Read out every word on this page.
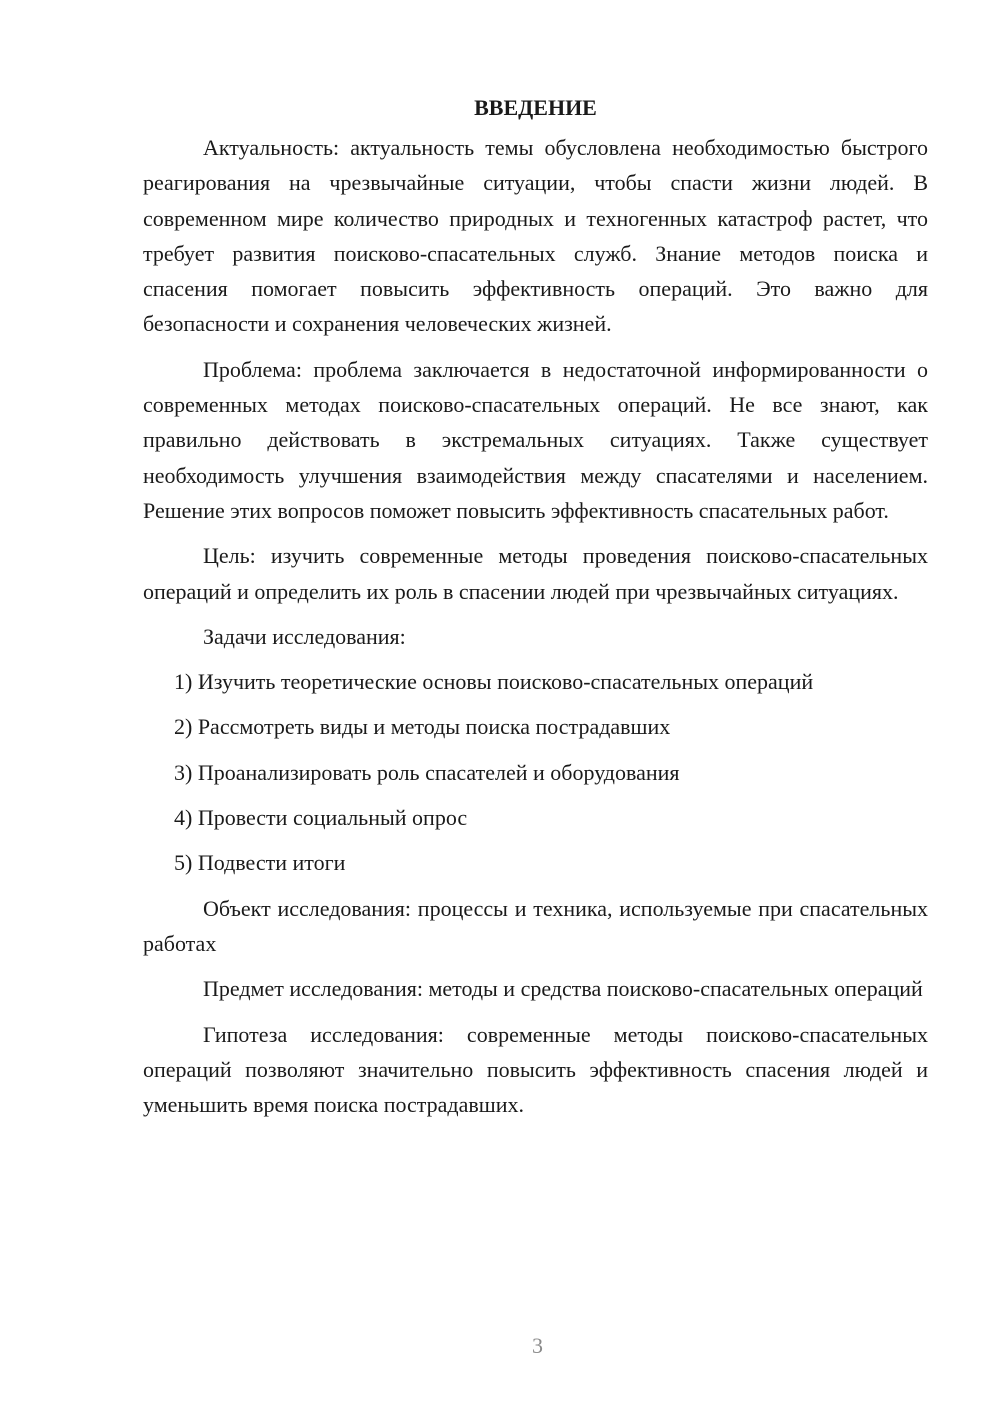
ВВЕДЕНИЕ

Актуальность: актуальность темы обусловлена необходимостью быстрого реагирования на чрезвычайные ситуации, чтобы спасти жизни людей. В современном мире количество природных и техногенных катастроф растет, что требует развития поисково-спасательных служб. Знание методов поиска и спасения помогает повысить эффективность операций. Это важно для безопасности и сохранения человеческих жизней.

Проблема: проблема заключается в недостаточной информированности о современных методах поисково-спасательных операций. Не все знают, как правильно действовать в экстремальных ситуациях. Также существует необходимость улучшения взаимодействия между спасателями и населением. Решение этих вопросов поможет повысить эффективность спасательных работ.

Цель: изучить современные методы проведения поисково-спасательных операций и определить их роль в спасении людей при чрезвычайных ситуациях.

Задачи исследования:

1) Изучить теоретические основы поисково-спасательных операций
2) Рассмотреть виды и методы поиска пострадавших
3) Проанализировать роль спасателей и оборудования
4) Провести социальный опрос
5) Подвести итоги

Объект исследования: процессы и техника, используемые при спасательных работах

Предмет исследования: методы и средства поисково-спасательных операций

Гипотеза исследования: современные методы поисково-спасательных операций позволяют значительно повысить эффективность спасения людей и уменьшить время поиска пострадавших.

3
